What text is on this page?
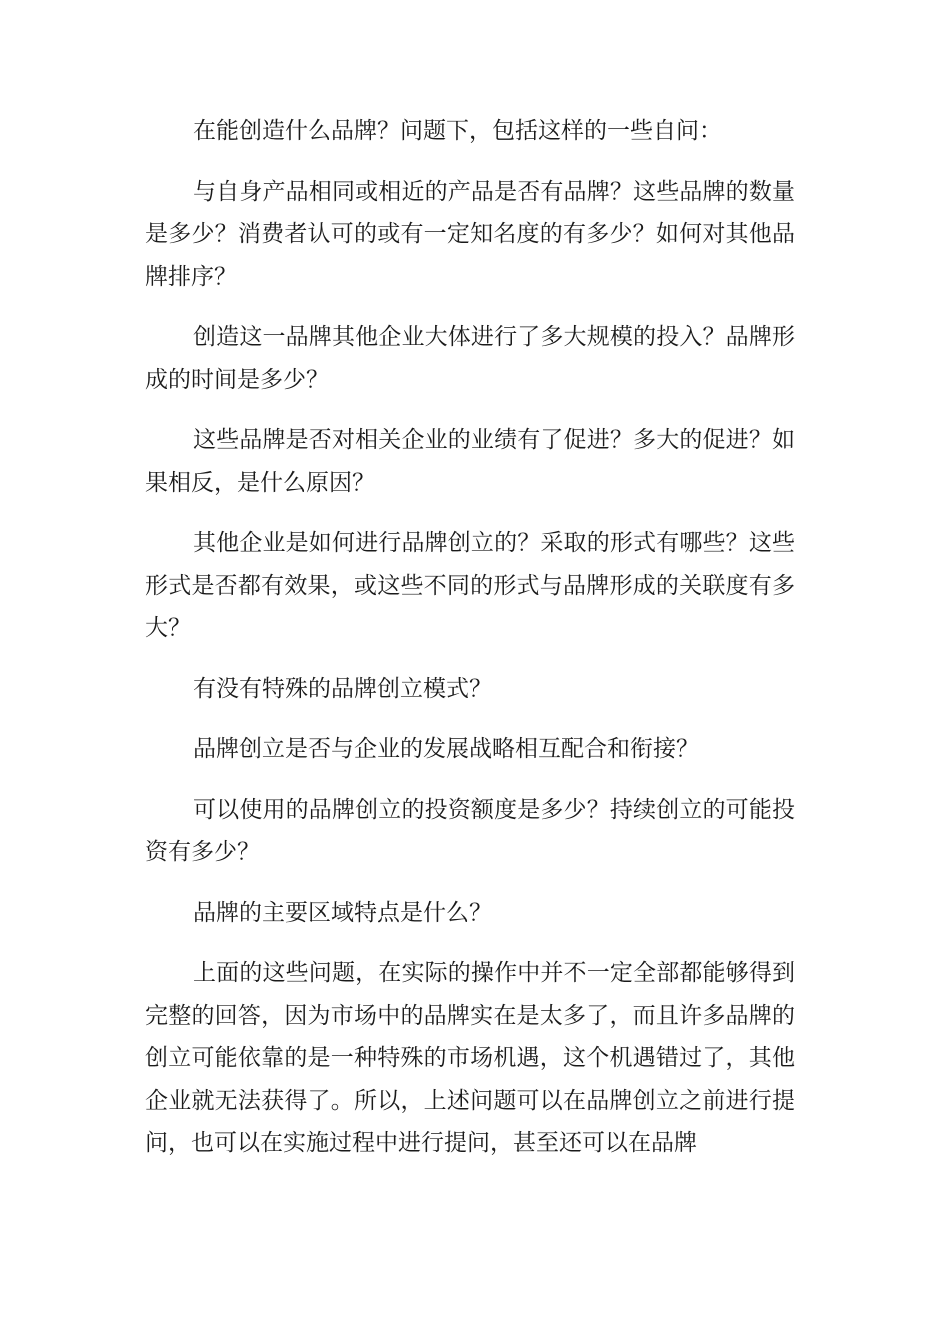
在能创造什么品牌？问题下，包括这样的一些自问：

与自身产品相同或相近的产品是否有品牌？这些品牌的数量是多少？消费者认可的或有一定知名度的有多少？如何对其他品牌排序？

创造这一品牌其他企业大体进行了多大规模的投入？品牌形成的时间是多少？

这些品牌是否对相关企业的业绩有了促进？多大的促进？如果相反，是什么原因？

其他企业是如何进行品牌创立的？采取的形式有哪些？这些形式是否都有效果，或这些不同的形式与品牌形成的关联度有多大？

有没有特殊的品牌创立模式？

品牌创立是否与企业的发展战略相互配合和衔接？

可以使用的品牌创立的投资额度是多少？持续创立的可能投资有多少？

品牌的主要区域特点是什么？

上面的这些问题，在实际的操作中并不一定全部都能够得到完整的回答，因为市场中的品牌实在是太多了，而且许多品牌的创立可能依靠的是一种特殊的市场机遇，这个机遇错过了，其他企业就无法获得了。所以，上述问题可以在品牌创立之前进行提问，也可以在实施过程中进行提问，甚至还可以在品牌
